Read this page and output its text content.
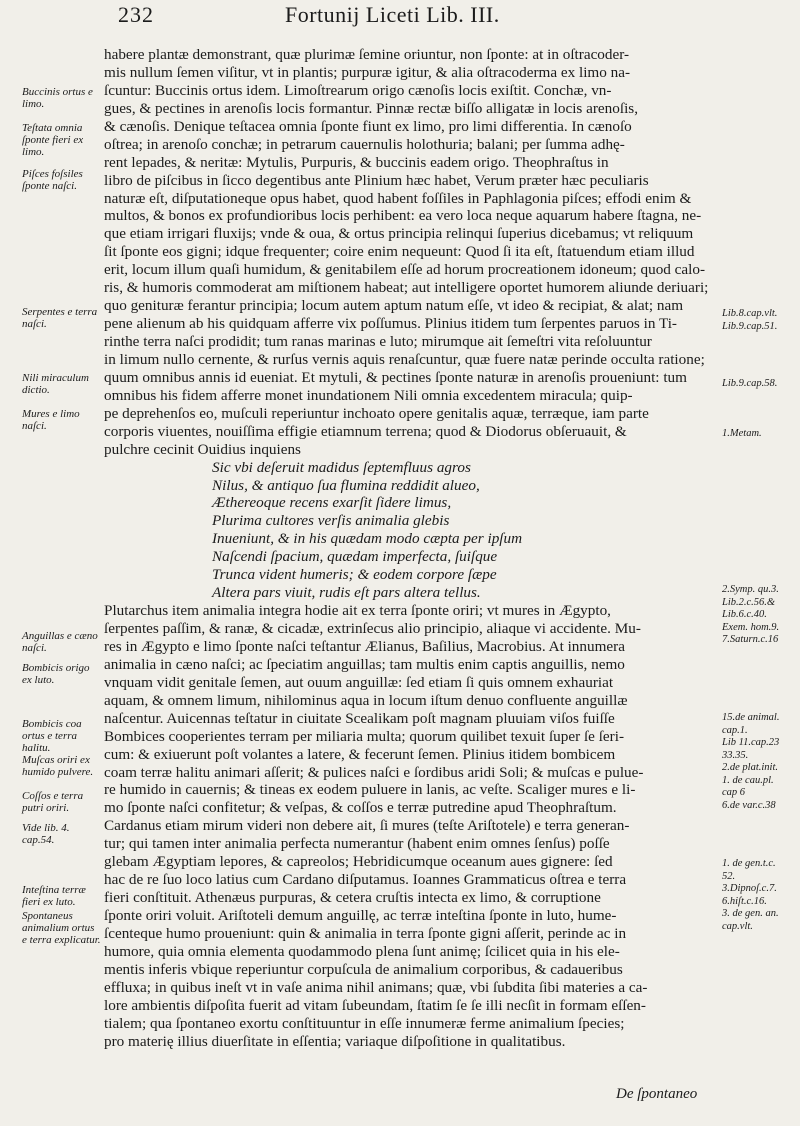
232	Fortunij Liceti Lib. III.
Buccinis ortus e limo.
Teſtata omnia ſponte fieri ex limo.
Piſces foſsiles ſponte naſci.
Serpentes e terra naſci.
Nili miraculum dictio.
Mures e limo naſci.
Anguillas e cæno naſci.
Bombicis origo ex luto.
Bombicis coa ortus e terra halitu.
Muſcas oriri ex humido pulvere.
Coſſos e terra putri oriri.
Vide lib. 4. cap.54.
Inteſtina terræ fieri ex luto.
Spontaneus animalium ortus e terra explicatur.
Lib.8.cap.vlt.
Lib.9.cap.51.
Lib.9.cap.58.
1.Metam.
2.Symp. qu.3.
Lib.2.c.56.&
Lib.6.c.40.
Exem. hom.9.
7.Saturn.c.16
15.de animal.
cap.1.
Lib 11.cap.23
33.35.
2.de plat.init.
1. de cau.pl.
cap 6
6.de var.c.38
1. de gen.t.c.
52.
3.Dipnoſ.c.7.
6.hiſt.c.16.
3. de gen. an.
cap.vlt.
habere plantæ demonstrant, quæ plurimæ ſemine oriuntur, non ſponte: at in oſtracoder-
mis nullum ſemen viſitur, vt in plantis; purpuræ igitur, & alia oſtracoderma ex limo na-
ſcuntur: Buccinis ortus idem. Limoſtrearum origo cænoſis locis exiſtit. Conchæ, vn-
gues, & pectines in arenoſis locis formantur. Pinnæ rectæ biſſo alligatæ in locis arenoſis,
& cænoſis. Denique teſtacea omnia ſponte fiunt ex limo, pro limi differentia. In cænoſo
oſtrea; in arenoſo conchæ; in petrarum cauernulis holothuria; balani; per ſumma adhę-
rent lepades, & neritæ: Mytulis, Purpuris, & buccinis eadem origo. Theophraſtus in
libro de piſcibus in ſicco degentibus ante Plinium hæc habet, Verum præter hæc peculiaris
naturæ eſt, diſputationeque opus habet, quod habent foſſiles in Paphlagonia piſces; effodi enim &
multos, & bonos ex profundioribus locis perhibent: ea vero loca neque aquarum habere ſtagna, ne-
que etiam irrigari fluxijs; vnde & oua, & ortus principia relinqui ſuperius dicebamus; vt reliquum
ſit ſponte eos gigni; idque frequenter; coire enim nequeunt: Quod ſi ita eſt, ſtatuendum etiam illud
erit, locum illum quaſi humidum, & genitabilem eſſe ad horum procreationem idoneum; quod calo-
ris, & humoris commoderat am miſtionem habeat; aut intelligere oportet humorem aliunde deriuari;
quo genituræ ferantur principia; locum autem aptum natum eſſe, vt ideo & recipiat, & alat; nam
pene alienum ab his quidquam afferre vix poſſumus. Plinius itidem tum ſerpentes paruos in Ti-
rinthe terra naſci prodidit; tum ranas marinas e luto; mirumque ait ſemeſtri vita reſoluuntur
in limum nullo cernente, & rurſus vernis aquis renaſcuntur, quæ fuere natæ perinde occulta ratione;
quum omnibus annis id eueniat. Et mytuli, & pectines ſponte naturæ in arenoſis proueniunt: tum
omnibus his fidem afferre monet inundationem Nili omnia excedentem miracula; quip-
pe deprehenſos eo, muſculi reperiuntur inchoato opere genitalis aquæ, terræque, iam parte
corporis viuentes, nouiſſima effigie etiamnum terrena; quod & Diodorus obſeruauit, &
pulchre cecinit Ouidius inquiens
Sic vbi deſeruit madidus ſeptemfluus agros
Nilus, & antiquo ſua flumina reddidit alueo,
Æthereoque recens exarſit ſidere limus,
Plurima cultores verſis animalia glebis
Inueniunt, & in his quædam modo cæpta per ipſum
Naſcendi ſpacium, quædam imperfecta, ſuiſque
Trunca vident humeris; & eodem corpore ſæpe
Altera pars viuit, rudis eſt pars altera tellus.
Plutarchus item animalia integra hodie ait ex terra ſponte oriri; vt mures in Ægypto,
ſerpentes paſſim, & ranæ, & cicadæ, extrinſecus alio principio, aliaque vi accidente. Mu-
res in Ægypto e limo ſponte naſci teſtantur Ælianus, Baſilius, Macrobius. At innumera
animalia in cæno naſci; ac ſpeciatim anguillas; tam multis enim captis anguillis, nemo
vnquam vidit genitale ſemen, aut ouum anguillæ: ſed etiam ſi quis omnem exhauriat
aquam, & omnem limum, nihilominus aqua in locum iſtum denuo confluente anguillæ
naſcentur. Auicennas teſtatur in ciuitate Scealikam poſt magnam pluuiam viſos fuiſſe
Bombices cooperientes terram per miliaria multa; quorum quilibet texuit ſuper ſe ſeri-
cum: & exiuerunt poſt volantes a latere, & fecerunt ſemen. Plinius itidem bombicem
coam terræ halitu animari aſſerit; & pulices naſci e ſordibus aridi Soli; & muſcas e pulue-
re humido in cauernis; & tineas ex eodem puluere in lanis, ac veſte. Scaliger mures e li-
mo ſponte naſci confitetur; & veſpas, & coſſos e terræ putredine apud Theophraſtum.
Cardanus etiam mirum videri non debere ait, ſi mures (teſte Ariſtotele) e terra generan-
tur; qui tamen inter animalia perfecta numerantur (habent enim omnes ſenſus) poſſe
glebam Ægyptiam lepores, & capreolos; Hebridicumque oceanum aues gignere: ſed
hac de re ſuo loco latius cum Cardano diſputamus. Ioannes Grammaticus oſtrea e terra
fieri conſtituit. Athenæus purpuras, & cetera cruſtis intecta ex limo, & corruptione
ſponte oriri voluit. Ariſtoteli demum anguillę, ac terræ inteſtina ſponte in luto, hume-
ſcenteque humo proueniunt: quin & animalia in terra ſponte gigni aſſerit, perinde ac in
humore, quia omnia elementa quodammodo plena ſunt animę; ſcilicet quia in his ele-
mentis inferis vbique reperiuntur corpuſcula de animalium corporibus, & cadaueribus
effluxa; in quibus ineſt vt in vaſe anima nihil animans; quæ, vbi ſubdita ſibi materies a ca-
lore ambientis diſpoſita fuerit ad vitam ſubeundam, ſtatim ſe ſe illi necſit in formam eſſen-
tialem; qua ſpontaneo exortu conſtituuntur in eſſe innumeræ ferme animalium ſpecies;
pro materię illius diuerſitate in eſſentia; variaque diſpoſitione in qualitatibus.
De ſpontaneo
